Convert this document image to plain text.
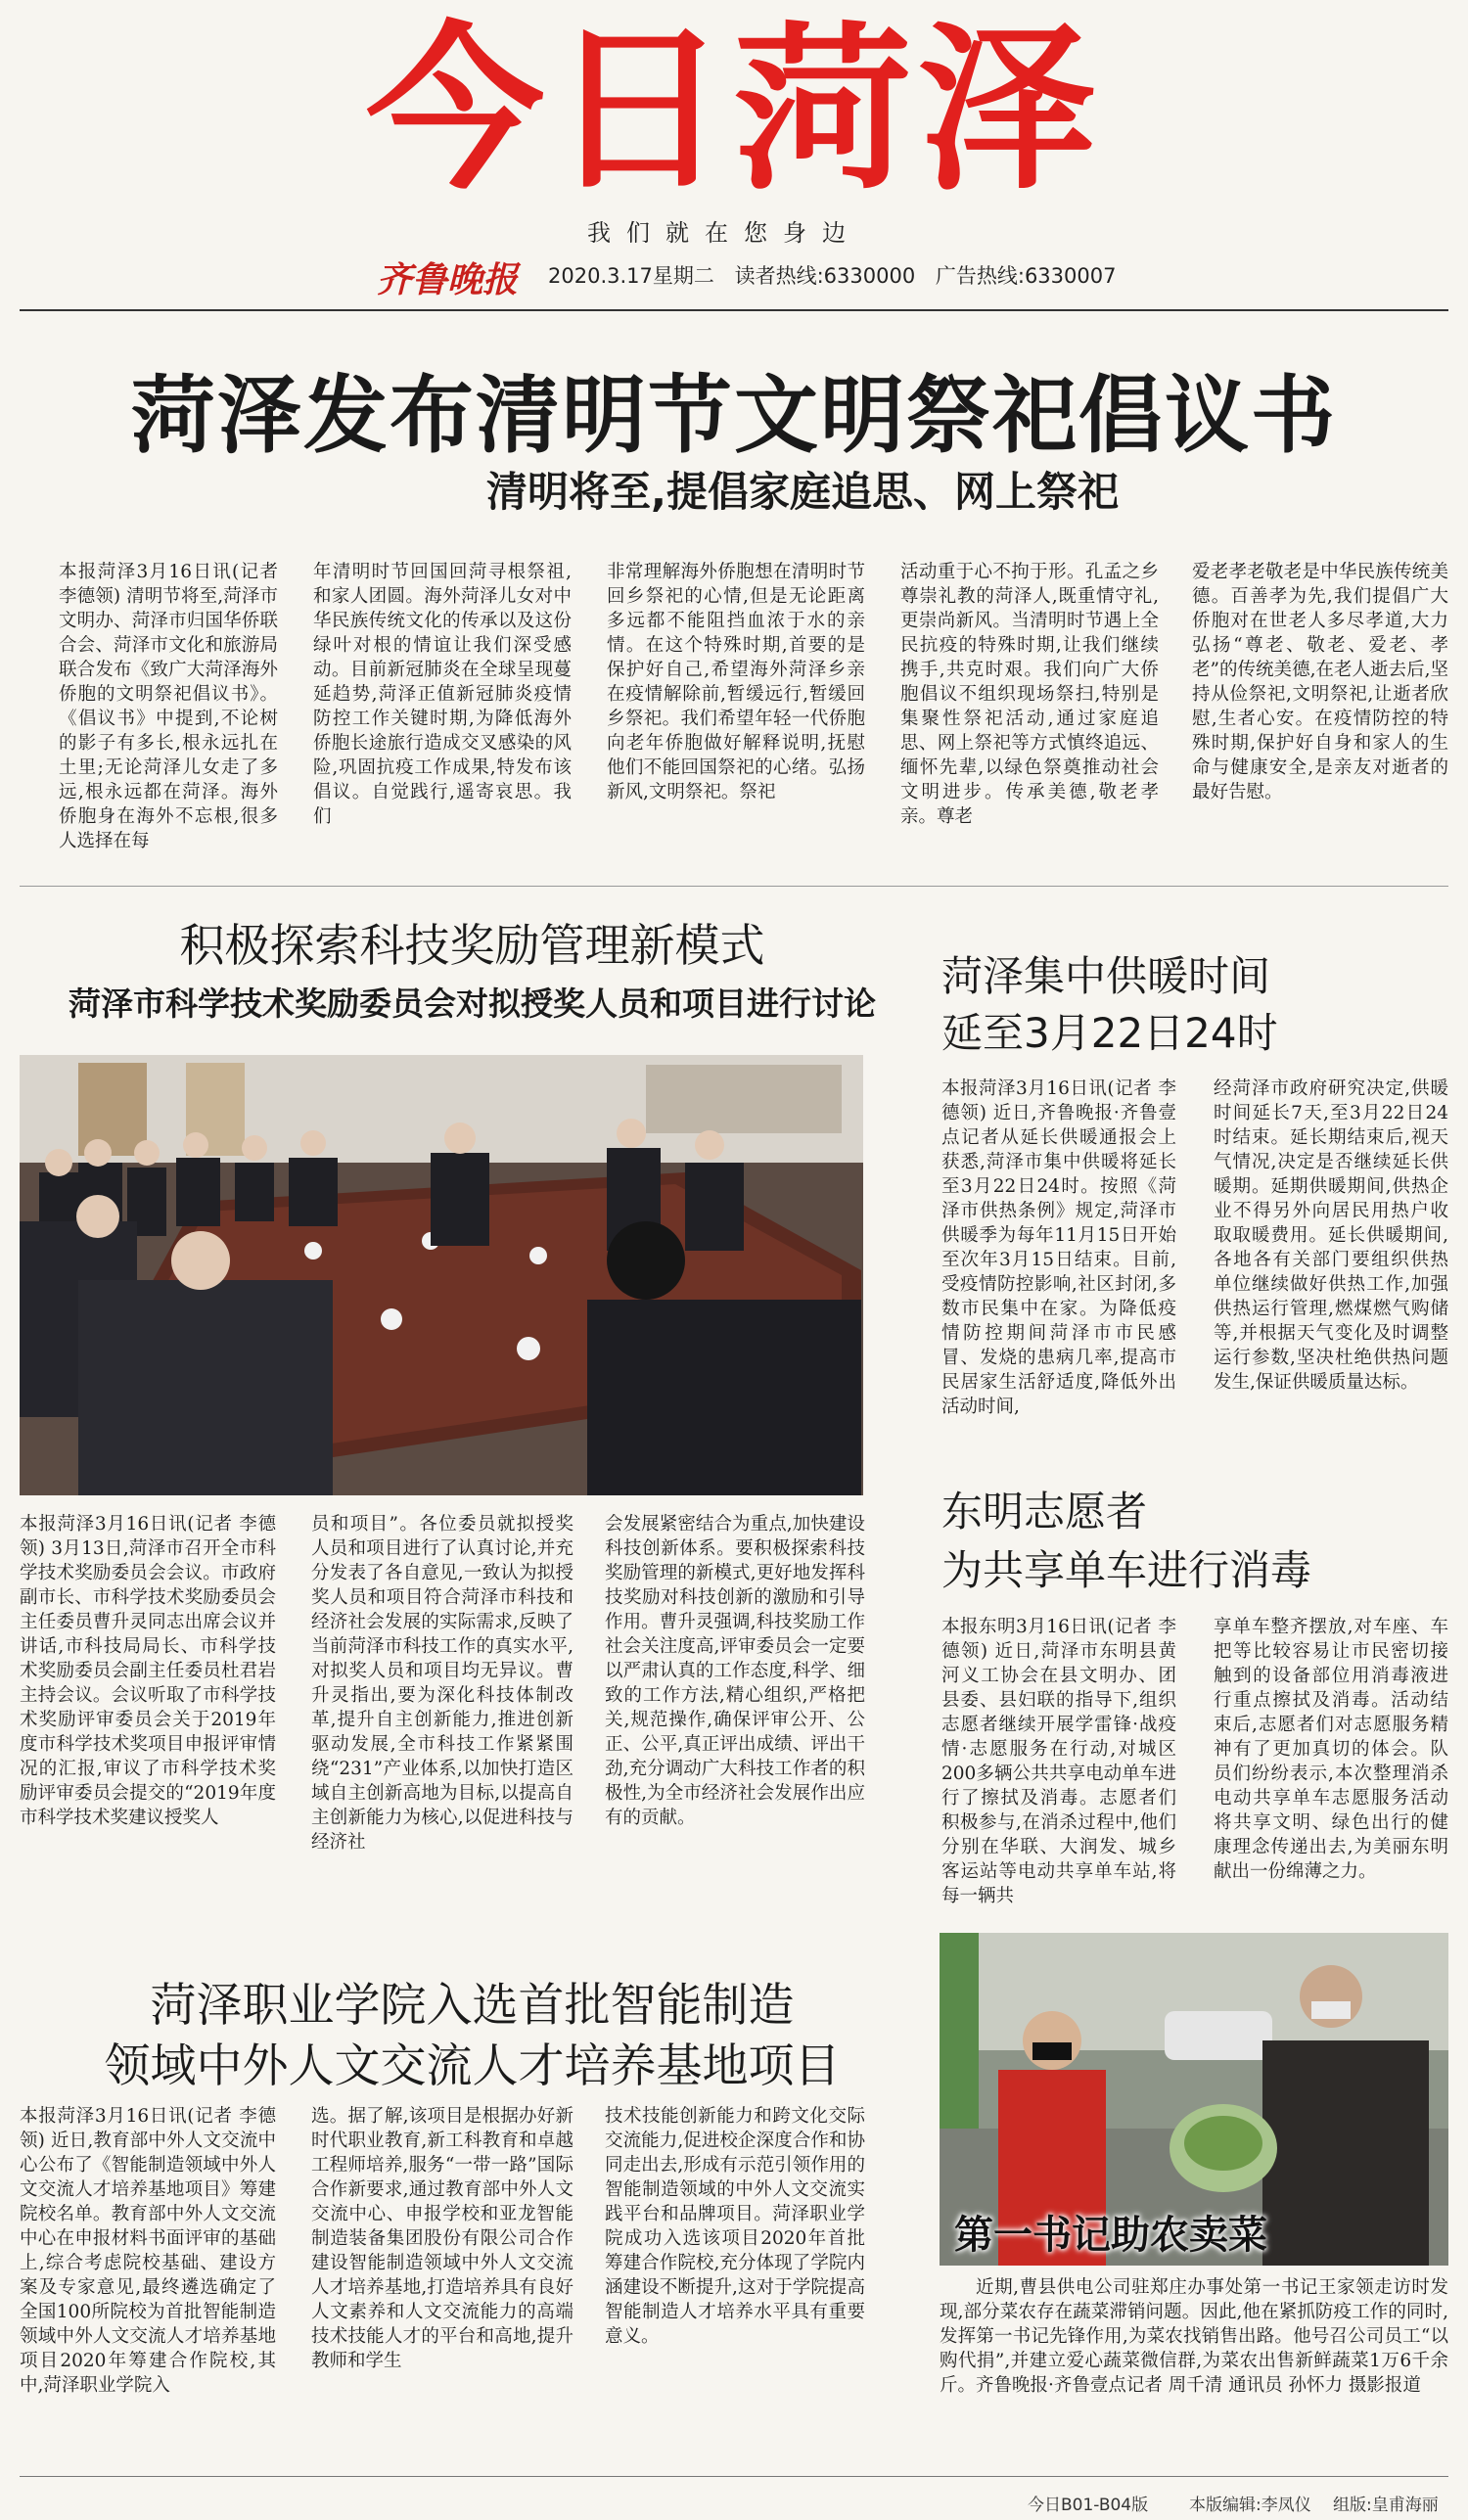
今日菏泽
我们就在您身边
齐鲁晚报 2020.3.17星期二 读者热线:6330000 广告热线:6330007
菏泽发布清明节文明祭祀倡议书
清明将至,提倡家庭追思、网上祭祀

本报菏泽3月16日讯(记者 李德领) 清明节将至,菏泽市文明办、菏泽市归国华侨联合会、菏泽市文化和旅游局联合发布《致广大菏泽海外侨胞的文明祭祀倡议书》。《倡议书》中提到,不论树的影子有多长,根永远扎在土里;无论菏泽儿女走了多远,根永远都在菏泽。海外侨胞身在海外不忘根,很多人选择在每

年清明时节回国回菏寻根祭祖,和家人团圆。海外菏泽儿女对中华民族传统文化的传承以及这份绿叶对根的情谊让我们深受感动。目前新冠肺炎在全球呈现蔓延趋势,菏泽正值新冠肺炎疫情防控工作关键时期,为降低海外侨胞长途旅行造成交叉感染的风险,巩固抗疫工作成果,特发布该倡议。自觉践行,遥寄哀思。我们

非常理解海外侨胞想在清明时节回乡祭祀的心情,但是无论距离多远都不能阻挡血浓于水的亲情。在这个特殊时期,首要的是保护好自己,希望海外菏泽乡亲在疫情解除前,暂缓远行,暂缓回乡祭祀。我们希望年轻一代侨胞向老年侨胞做好解释说明,抚慰他们不能回国祭祀的心绪。弘扬新风,文明祭祀。祭祀

活动重于心不拘于形。孔孟之乡尊崇礼教的菏泽人,既重情守礼,更崇尚新风。当清明时节遇上全民抗疫的特殊时期,让我们继续携手,共克时艰。我们向广大侨胞倡议不组织现场祭扫,特别是集聚性祭祀活动,通过家庭追思、网上祭祀等方式慎终追远、缅怀先辈,以绿色祭奠推动社会文明进步。传承美德,敬老孝亲。尊老

爱老孝老敬老是中华民族传统美德。百善孝为先,我们提倡广大侨胞对在世老人多尽孝道,大力弘扬“尊老、敬老、爱老、孝老”的传统美德,在老人逝去后,坚持从俭祭祀,文明祭祀,让逝者欣慰,生者心安。在疫情防控的特殊时期,保护好自身和家人的生命与健康安全,是亲友对逝者的最好告慰。

积极探索科技奖励管理新模式
菏泽市科学技术奖励委员会对拟授奖人员和项目进行讨论

本报菏泽3月16日讯(记者 李德领) 3月13日,菏泽市召开全市科学技术奖励委员会会议。市政府副市长、市科学技术奖励委员会主任委员曹升灵同志出席会议并讲话,市科技局局长、市科学技术奖励委员会副主任委员杜君岩主持会议。会议听取了市科学技术奖励评审委员会关于2019年度市科学技术奖项目申报评审情况的汇报,审议了市科学技术奖励评审委员会提交的“2019年度市科学技术奖建议授奖人

员和项目”。各位委员就拟授奖人员和项目进行了认真讨论,并充分发表了各自意见,一致认为拟授奖人员和项目符合菏泽市科技和经济社会发展的实际需求,反映了当前菏泽市科技工作的真实水平,对拟奖人员和项目均无异议。曹升灵指出,要为深化科技体制改革,提升自主创新能力,推进创新驱动发展,全市科技工作紧紧围绕“231”产业体系,以加快打造区域自主创新高地为目标,以提高自主创新能力为核心,以促进科技与经济社

会发展紧密结合为重点,加快建设科技创新体系。要积极探索科技奖励管理的新模式,更好地发挥科技奖励对科技创新的激励和引导作用。曹升灵强调,科技奖励工作社会关注度高,评审委员会一定要以严肃认真的工作态度,科学、细致的工作方法,精心组织,严格把关,规范操作,确保评审公开、公正、公平,真正评出成绩、评出干劲,充分调动广大科技工作者的积极性,为全市经济社会发展作出应有的贡献。

菏泽集中供暖时间
延至3月22日24时

本报菏泽3月16日讯(记者 李德领) 近日,齐鲁晚报·齐鲁壹点记者从延长供暖通报会上获悉,菏泽市集中供暖将延长至3月22日24时。按照《菏泽市供热条例》规定,菏泽市供暖季为每年11月15日开始至次年3月15日结束。目前,受疫情防控影响,社区封闭,多数市民集中在家。为降低疫情防控期间菏泽市市民感冒、发烧的患病几率,提高市民居家生活舒适度,降低外出活动时间,

经菏泽市政府研究决定,供暖时间延长7天,至3月22日24时结束。延长期结束后,视天气情况,决定是否继续延长供暖期。延期供暖期间,供热企业不得另外向居民用热户收取取暖费用。延长供暖期间,各地各有关部门要组织供热单位继续做好供热工作,加强供热运行管理,燃煤燃气购储等,并根据天气变化及时调整运行参数,坚决杜绝供热问题发生,保证供暖质量达标。

东明志愿者
为共享单车进行消毒

本报东明3月16日讯(记者 李德领) 近日,菏泽市东明县黄河义工协会在县文明办、团县委、县妇联的指导下,组织志愿者继续开展学雷锋·战疫情·志愿服务在行动,对城区200多辆公共共享电动单车进行了擦拭及消毒。志愿者们积极参与,在消杀过程中,他们分别在华联、大润发、城乡客运站等电动共享单车站,将每一辆共

享单车整齐摆放,对车座、车把等比较容易让市民密切接触到的设备部位用消毒液进行重点擦拭及消毒。活动结束后,志愿者们对志愿服务精神有了更加真切的体会。队员们纷纷表示,本次整理消杀电动共享单车志愿服务活动将共享文明、绿色出行的健康理念传递出去,为美丽东明献出一份绵薄之力。

菏泽职业学院入选首批智能制造
领域中外人文交流人才培养基地项目

本报菏泽3月16日讯(记者 李德领) 近日,教育部中外人文交流中心公布了《智能制造领域中外人文交流人才培养基地项目》筹建院校名单。教育部中外人文交流中心在申报材料书面评审的基础上,综合考虑院校基础、建设方案及专家意见,最终遴选确定了全国100所院校为首批智能制造领域中外人文交流人才培养基地项目2020年筹建合作院校,其中,菏泽职业学院入

选。据了解,该项目是根据办好新时代职业教育,新工科教育和卓越工程师培养,服务“一带一路”国际合作新要求,通过教育部中外人文交流中心、申报学校和亚龙智能制造装备集团股份有限公司合作建设智能制造领域中外人文交流人才培养基地,打造培养具有良好人文素养和人文交流能力的高端技术技能人才的平台和高地,提升教师和学生

技术技能创新能力和跨文化交际交流能力,促进校企深度合作和协同走出去,形成有示范引领作用的智能制造领域的中外人文交流实践平台和品牌项目。菏泽职业学院成功入选该项目2020年首批筹建合作院校,充分体现了学院内涵建设不断提升,这对于学院提高智能制造人才培养水平具有重要意义。

第一书记助农卖菜

近期,曹县供电公司驻郑庄办事处第一书记王家领走访时发现,部分菜农存在蔬菜滞销问题。因此,他在紧抓防疫工作的同时,发挥第一书记先锋作用,为菜农找销售出路。他号召公司员工“以购代捐”,并建立爱心蔬菜微信群,为菜农出售新鲜蔬菜1万6千余斤。齐鲁晚报·齐鲁壹点记者 周千清 通讯员 孙怀力 摄影报道

今日B01-B04版 本版编辑:李凤仪 组版:皇甫海丽
